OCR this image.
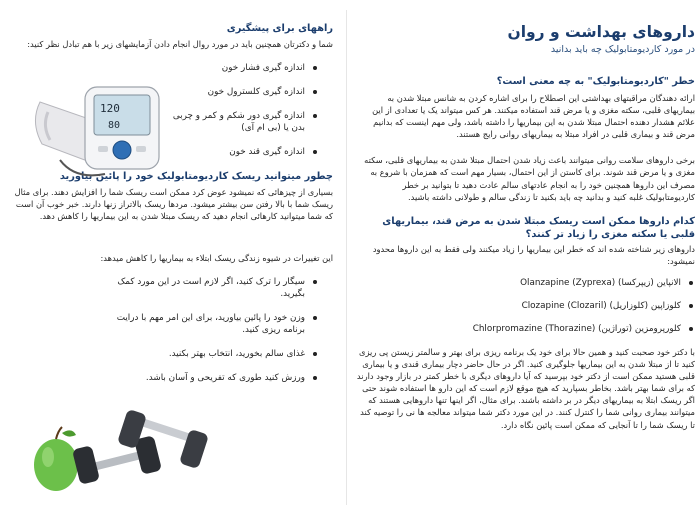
داروهای بهداشت و روان
در مورد کاردیومتابولیک چه باید بدانید
خطر "کاردیومتابولیک" به چه معنی است؟
ارائه دهندگان مراقبتهای بهداشتی این اصطلاح را برای اشاره کردن به شانس مبتلا شدن به بیماریهای قلبی، سکته مغزی و یا مرض قند استفاده میکنند. هر کس میتواند یک یا تعدادی از این علائم هشدار دهنده احتمال مبتلا شدن به این بیماریها را داشته باشد، ولی مهم اینست که بدانیم مرض قند و بیماری قلبی در افراد مبتلا به بیماریهای روانی رایج هستند.
برخی داروهای سلامت روانی میتوانند باعث زیاد شدن احتمال مبتلا شدن به بیماریهای قلبی، سکته مغزی و یا مرض قند شوند. برای کاستن از این احتمال، بسیار مهم است که همزمان با شروع به مصرف این داروها همچنین خود را به انجام عادتهای سالم عادت دهید تا بتوانید بر خطر کاردیومتابولیک غلبه کنید و بدانید چه باید بکنید تا زندگی سالم و طولانی داشته باشید.
کدام داروها ممکن است ریسک مبتلا شدن به مرض قند، بیماریهای قلبی یا سکته مغزی را زیاد تر کنند؟
داروهای زیر شناخته شده اند که خطر این بیماریها را زیاد میکنند ولی فقط به این داروها محدود نمیشود:
الانپاین (زیپرکسا) Olanzapine (Zyprexa)
کلوزاپین (کلوزاریل) Clozapine (Clozaril)
کلورپرومزین (توراژین) Chlorpromazine (Thorazine)
با دکتر خود صحبت کنید و همین حالا برای خود یک برنامه ریزی برای بهتر و سالمتر زیستن پی ریزی کنید تا از مبتلا شدن به این بیماریها جلوگیری کنید. اگر در حال حاضر دچار بیماری قندی و یا بیماری قلبی هستید ممکن است از دکتر خود بپرسید که آیا داروهای دیگری با خطر کمتر در بازار وجود دارند که برای شما بهتر باشد. بخاطر بسپارید که هیچ موقع لازم است که این دارو ها استفاده شوند حتی اگر ریسک ابتلا به بیماریهای دیگر در بر داشته باشند. برای مثال، اگر اینها تنها داروهایی هستند که میتوانند بیماری روانی شما را کنترل کنند. در این مورد دکتر شما میتواند معالجه ها نی را توصیه کند تا ریسک شما را تا آنجایی که ممکن است پائین نگاه دارد.
راههای برای پیشگیری
شما و دکترتان همچنین باید در مورد روال انجام دادن آزمایشهای زیر با هم تبادل نظر کنید:
اندازه گیری فشار خون
اندازه گیری کلسترول خون
اندازه گیری دور شکم و کمر و چربی بدن یا (بی ام آی)
اندازه گیری قند خون
چطور میتوانید ریسک کاردیومتابولیک خود را پائین بیاورید
بسیاری از چیزهائی که نمیشود عوض کرد ممکن است ریسک شما را افزایش دهند. برای مثال ریسک شما با بالا رفتن سن بیشتر میشود. مردها ریسک بالاتراز زنها دارند. خبر خوب آن است که شما میتوانید کارهائی انجام دهید که ریسک مبتلا شدن به این بیماریها را کاهش دهد.
این تغییرات در شیوه زندگی ریسک ابتلاء به بیماریها را کاهش میدهد:
سیگار را ترک کنید، اگر لازم است در این مورد کمک بگیرید.
وزن خود را پائین بیاورید، برای این امر مهم با درایت برنامه ریزی کنید.
غذای سالم بخورید، انتخاب بهتر بکنید.
ورزش کنید طوری که تفریحی و آسان باشد.
120
80
